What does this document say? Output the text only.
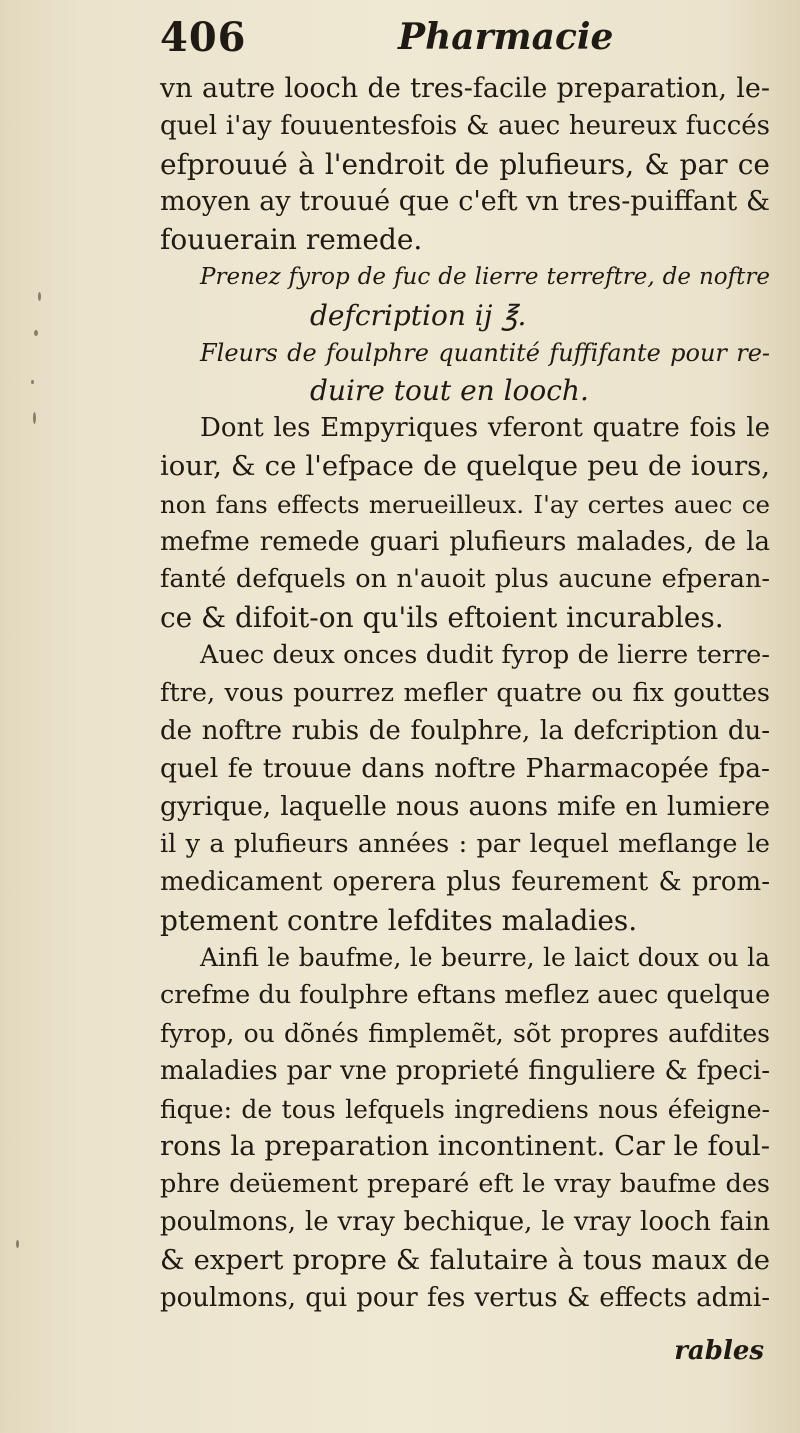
406	Pharmacie
vn autre looch de tres-facile preparation, le-
quel i'ay fouuentesfois & auec heureux fuccés
efprouué à l'endroit de plufieurs, & par ce
moyen ay trouué que c'eft vn tres-puiffant &
fouuerain remede.
Prenez fyrop de fuc de lierre terreftre, de noftre
defcription ij ℥.
Fleurs de foulphre quantité fuffifante pour re-
duire tout en looch.
Dont les Empyriques vferont quatre fois le
iour, & ce l'efpace de quelque peu de iours,
non fans effects merueilleux. I'ay certes auec ce
mefme remede guari plufieurs malades, de la
fanté defquels on n'auoit plus aucune efperan-
ce & difoit-on qu'ils eftoient incurables.
Auec deux onces dudit fyrop de lierre terre-
ftre, vous pourrez mefler quatre ou fix gouttes
de noftre rubis de foulphre, la defcription du-
quel fe trouue dans noftre Pharmacopée fpa-
gyrique, laquelle nous auons mife en lumiere
il y a plufieurs années : par lequel meflange le
medicament operera plus feurement & prom-
ptement contre lefdites maladies.
Ainfi le baufme, le beurre, le laict doux ou la
crefme du foulphre eftans meflez auec quelque
fyrop, ou dõnés fimplemẽt, sõt propres aufdites
maladies par vne proprieté finguliere & fpeci-
fique: de tous lefquels ingrediens nous éfeigne-
rons la preparation incontinent. Car le foul-
phre deüement preparé eft le vray baufme des
poulmons, le vray bechique, le vray looch fain
& expert propre & falutaire à tous maux de
poulmons, qui pour fes vertus & effects admi-
rables
